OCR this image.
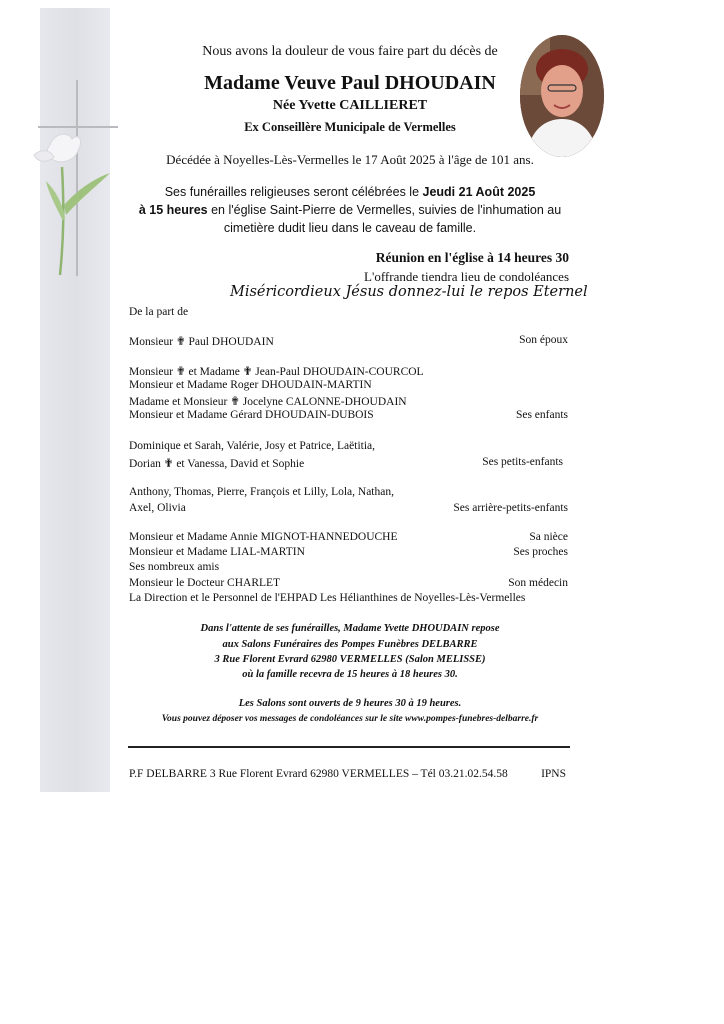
Nous avons la douleur de vous faire part du décès de
Madame Veuve Paul DHOUDAIN
Née Yvette CAILLIERET
Ex Conseillère Municipale de Vermelles
Décédée à Noyelles-Lès-Vermelles le 17 Août 2025 à l'âge de 101 ans.
Ses funérailles religieuses seront célébrées le Jeudi 21 Août 2025
à 15 heures en l'église Saint-Pierre de Vermelles, suivies de l'inhumation au
cimetière dudit lieu dans le caveau de famille.
Réunion en l'église à 14 heures 30
L'offrande tiendra lieu de condoléances
Miséricordieux Jésus donnez-lui le repos Eternel
De la part de
Monsieur ✟ Paul DHOUDAIN	Son époux
Monsieur ✟ et Madame ✟ Jean-Paul DHOUDAIN-COURCOL
Monsieur et Madame Roger DHOUDAIN-MARTIN
Madame et Monsieur ✟ Jocelyne CALONNE-DHOUDAIN
Monsieur et Madame Gérard DHOUDAIN-DUBOIS	Ses enfants
Dominique et Sarah, Valérie, Josy et Patrice, Laëtitia,
Dorian ✟ et Vanessa, David et Sophie	Ses petits-enfants
Anthony, Thomas, Pierre, François et Lilly, Lola, Nathan,
Axel, Olivia	Ses arrière-petits-enfants
Monsieur et Madame Annie MIGNOT-HANNEDOUCHE	Sa nièce
Monsieur et Madame LIAL-MARTIN	Ses proches
Ses nombreux amis
Monsieur le Docteur CHARLET	Son médecin
La Direction et le Personnel de l'EHPAD Les Hélianthines de Noyelles-Lès-Vermelles
Dans l'attente de ses funérailles, Madame Yvette DHOUDAIN repose
aux Salons Funéraires des Pompes Funèbres DELBARRE
3 Rue Florent Evrard 62980 VERMELLES (Salon MELISSE)
où la famille recevra de 15 heures à 18 heures 30.
Les Salons sont ouverts de 9 heures 30 à 19 heures.
Vous pouvez déposer vos messages de condoléances sur le site www.pompes-funebres-delbarre.fr
P.F DELBARRE 3 Rue Florent Evrard 62980 VERMELLES – Tél 03.21.02.54.58	IPNS
